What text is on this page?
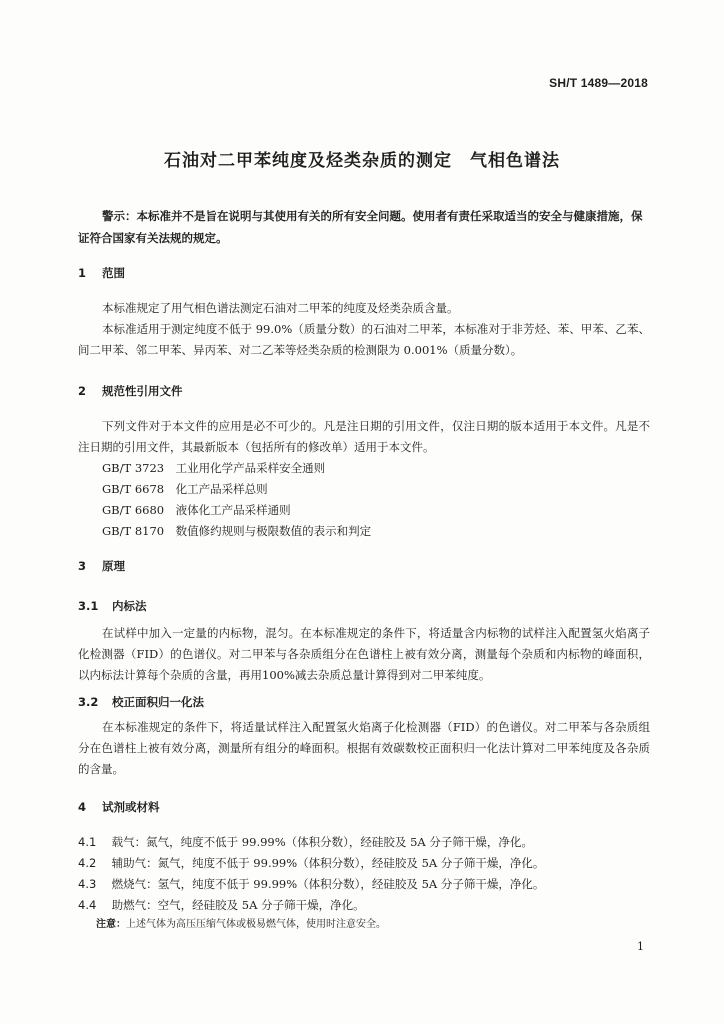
SH/T 1489—2018
石油对二甲苯纯度及烃类杂质的测定　气相色谱法
警示：本标准并不是旨在说明与其使用有关的所有安全问题。使用者有责任采取适当的安全与健康措施，保证符合国家有关法规的规定。
1 范围
本标准规定了用气相色谱法测定石油对二甲苯的纯度及烃类杂质含量。
本标准适用于测定纯度不低于 99.0%（质量分数）的石油对二甲苯，本标准对于非芳烃、苯、甲苯、乙苯、间二甲苯、邻二甲苯、异丙苯、对二乙苯等烃类杂质的检测限为 0.001%（质量分数）。
2 规范性引用文件
下列文件对于本文件的应用是必不可少的。凡是注日期的引用文件，仅注日期的版本适用于本文件。凡是不注日期的引用文件，其最新版本（包括所有的修改单）适用于本文件。
GB/T 3723 工业用化学产品采样安全通则
GB/T 6678 化工产品采样总则
GB/T 6680 液体化工产品采样通则
GB/T 8170 数值修约规则与极限数值的表示和判定
3 原理
3.1 内标法
在试样中加入一定量的内标物，混匀。在本标准规定的条件下，将适量含内标物的试样注入配置氢火焰离子化检测器（FID）的色谱仪。对二甲苯与各杂质组分在色谱柱上被有效分离，测量每个杂质和内标物的峰面积，以内标法计算每个杂质的含量，再用100%减去杂质总量计算得到对二甲苯纯度。
3.2 校正面积归一化法
在本标准规定的条件下，将适量试样注入配置氢火焰离子化检测器（FID）的色谱仪。对二甲苯与各杂质组分在色谱柱上被有效分离，测量所有组分的峰面积。根据有效碳数校正面积归一化法计算对二甲苯纯度及各杂质的含量。
4 试剂或材料
4.1 载气：氮气，纯度不低于 99.99%（体积分数），经硅胶及 5A 分子筛干燥，净化。
4.2 辅助气：氮气，纯度不低于 99.99%（体积分数），经硅胶及 5A 分子筛干燥，净化。
4.3 燃烧气：氢气，纯度不低于 99.99%（体积分数），经硅胶及 5A 分子筛干燥，净化。
4.4 助燃气：空气，经硅胶及 5A 分子筛干燥，净化。
注意：上述气体为高压压缩气体或极易燃气体，使用时注意安全。
1
